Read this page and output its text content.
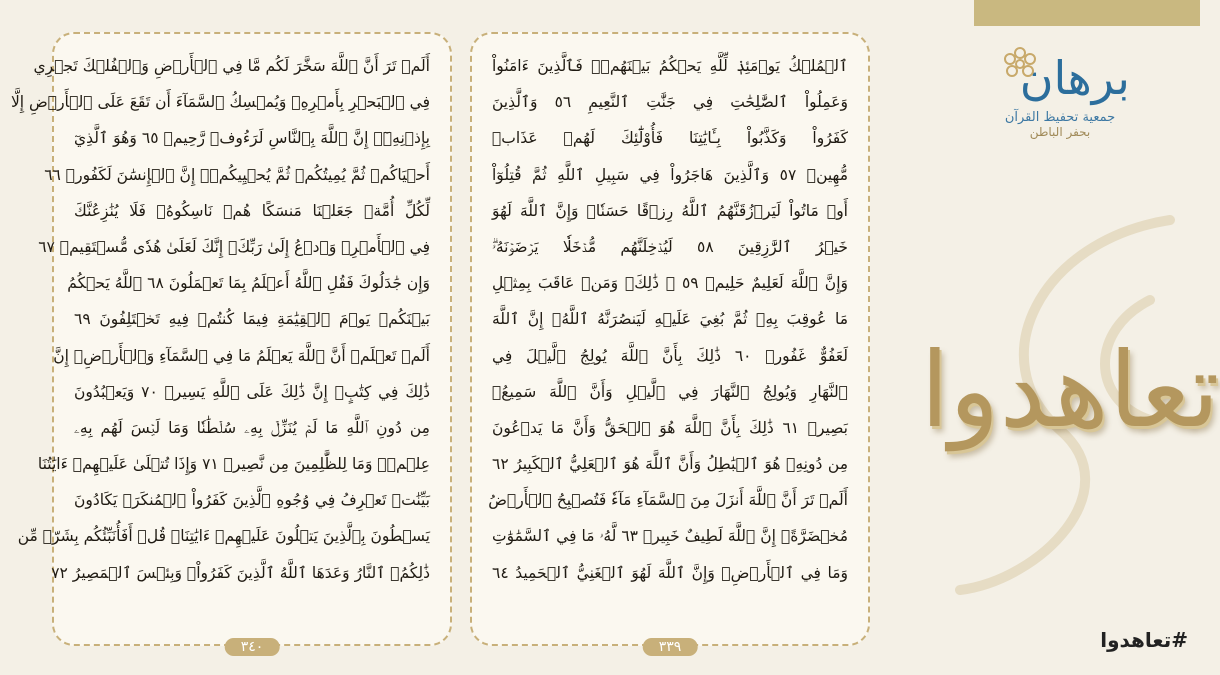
أَلَمۡ تَرَ أَنَّ ٱللَّهَ سَخَّرَ لَكُم مَّا فِي ٱلۡأَرۡضِ وَٱلۡفُلۡكَ تَجۡرِي
فِي ٱلۡبَحۡرِ بِأَمۡرِهِۦ وَيُمۡسِكُ ٱلسَّمَآءَ أَن تَقَعَ عَلَى ٱلۡأَرۡضِ إِلَّا
بِإِذۡنِهِۦٓۚ إِنَّ ٱللَّهَ بِٱلنَّاسِ لَرَءُوفٞ رَّحِيمٞ ٦٥ وَهُوَ ٱلَّذِيٓ
أَحۡيَاكُمۡ ثُمَّ يُمِيتُكُمۡ ثُمَّ يُحۡيِيكُمۡۗ إِنَّ ٱلۡإِنسَٰنَ لَكَفُورٞ ٦٦
لِّكُلِّ أُمَّةٖ جَعَلۡنَا مَنسَكًا هُمۡ نَاسِكُوهُۖ فَلَا يُنَٰزِعُنَّكَ
فِي ٱلۡأَمۡرِۚ وَٱدۡعُ إِلَىٰ رَبِّكَۖ إِنَّكَ لَعَلَىٰ هُدٗى مُّسۡتَقِيمٖ ٦٧
وَإِن جَٰدَلُوكَ فَقُلِ ٱللَّهُ أَعۡلَمُ بِمَا تَعۡمَلُونَ ٦٨ ٱللَّهُ يَحۡكُمُ
بَيۡنَكُمۡ يَوۡمَ ٱلۡقِيَٰمَةِ فِيمَا كُنتُمۡ فِيهِ تَخۡتَلِفُونَ ٦٩
أَلَمۡ تَعۡلَمۡ أَنَّ ٱللَّهَ يَعۡلَمُ مَا فِي ٱلسَّمَآءِ وَٱلۡأَرۡضِۚ إِنَّ
ذَٰلِكَ فِي كِتَٰبٍۚ إِنَّ ذَٰلِكَ عَلَى ٱللَّهِ يَسِيرٞ ٧٠ وَيَعۡبُدُونَ
مِن دُونِ ٱللَّهِ مَا لَمۡ يُنَزِّلۡ بِهِۦ سُلۡطَٰنٗا وَمَا لَيۡسَ لَهُم بِهِۦ
عِلۡمٞۗ وَمَا لِلظَّٰلِمِينَ مِن نَّصِيرٖ ٧١ وَإِذَا تُتۡلَىٰ عَلَيۡهِمۡ ءَايَٰتُنَا
بَيِّنَٰتٖ تَعۡرِفُ فِي وُجُوهِ ٱلَّذِينَ كَفَرُواْ ٱلۡمُنكَرَۖ يَكَادُونَ
يَسۡطُونَ بِٱلَّذِينَ يَتۡلُونَ عَلَيۡهِمۡ ءَايَٰتِنَاۗ قُلۡ أَفَأُنَبِّئُكُم بِشَرّٖ مِّن
ذَٰلِكُمُۚ ٱلنَّارُ وَعَدَهَا ٱللَّهُ ٱلَّذِينَ كَفَرُواْۖ وَبِئۡسَ ٱلۡمَصِيرُ ٧٢
٣٤٠
ٱلۡمُلۡكُ يَوۡمَئِذٖ لِّلَّهِ يَحۡكُمُ بَيۡنَهُمۡۚ فَٱلَّذِينَ ءَامَنُواْ
وَعَمِلُواْ ٱلصَّٰلِحَٰتِ فِي جَنَّٰتِ ٱلنَّعِيمِ ٥٦ وَٱلَّذِينَ
كَفَرُواْ وَكَذَّبُواْ بِـَٔايَٰتِنَا فَأُوْلَٰٓئِكَ لَهُمۡ عَذَابٞ
مُّهِينٞ ٥٧ وَٱلَّذِينَ هَاجَرُواْ فِي سَبِيلِ ٱللَّهِ ثُمَّ قُتِلُوٓاْ
أَوۡ مَاتُواْ لَيَرۡزُقَنَّهُمُ ٱللَّهُ رِزۡقًا حَسَنٗاۚ وَإِنَّ ٱللَّهَ لَهُوَ
خَيۡرُ ٱلرَّٰزِقِينَ ٥٨ لَيُدۡخِلَنَّهُم مُّدۡخَلٗا يَرۡضَوۡنَهُۥۗ
وَإِنَّ ٱللَّهَ لَعَلِيمٌ حَلِيمٞ ٥٩ ۞ ذَٰلِكَۖ وَمَنۡ عَاقَبَ بِمِثۡلِ
مَا عُوقِبَ بِهِۦ ثُمَّ بُغِيَ عَلَيۡهِ لَيَنصُرَنَّهُ ٱللَّهُۚ إِنَّ ٱللَّهَ
لَعَفُوٌّ غَفُورٞ ٦٠ ذَٰلِكَ بِأَنَّ ٱللَّهَ يُولِجُ ٱلَّيۡلَ فِي
ٱلنَّهَارِ وَيُولِجُ ٱلنَّهَارَ فِي ٱلَّيۡلِ وَأَنَّ ٱللَّهَ سَمِيعُۢ
بَصِيرٞ ٦١ ذَٰلِكَ بِأَنَّ ٱللَّهَ هُوَ ٱلۡحَقُّ وَأَنَّ مَا يَدۡعُونَ
مِن دُونِهِۦ هُوَ ٱلۡبَٰطِلُ وَأَنَّ ٱللَّهَ هُوَ ٱلۡعَلِيُّ ٱلۡكَبِيرُ ٦٢
أَلَمۡ تَرَ أَنَّ ٱللَّهَ أَنزَلَ مِنَ ٱلسَّمَآءِ مَآءٗ فَتُصۡبِحُ ٱلۡأَرۡضُ
مُخۡضَرَّةًۚ إِنَّ ٱللَّهَ لَطِيفٌ خَبِيرٞ ٦٣ لَّهُۥ مَا فِي ٱلسَّمَٰوَٰتِ
وَمَا فِي ٱلۡأَرۡضِۚ وَإِنَّ ٱللَّهَ لَهُوَ ٱلۡغَنِيُّ ٱلۡحَمِيدُ ٦٤
٣٣٩
برهان
جمعية تحفيظ القرآن
بحفر الباطن
تعاهدوا
#تعاهدوا
